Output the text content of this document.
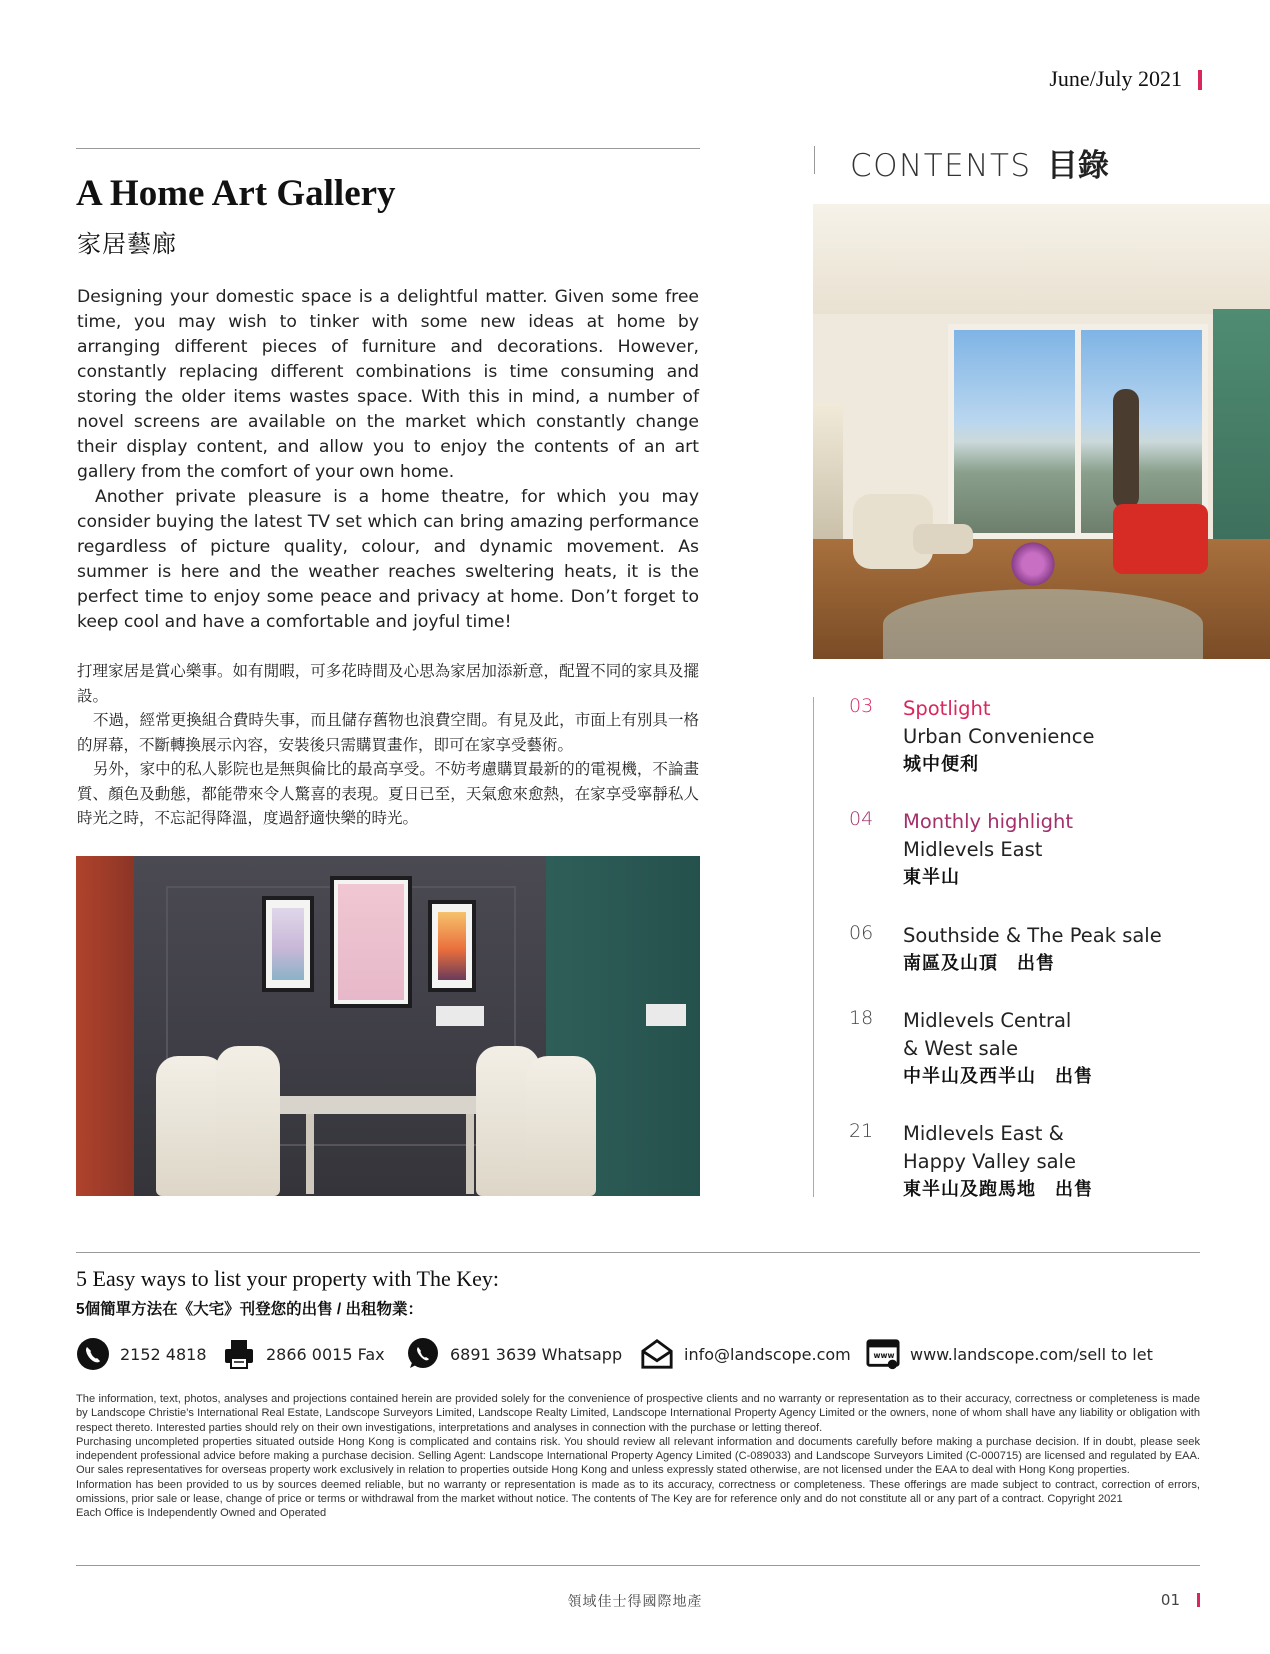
June/July 2021
A Home Art Gallery
家居藝廊

Designing your domestic space is a delightful matter. Given some free time, you may wish to tinker with some new ideas at home by arranging different pieces of furniture and decorations. However, constantly replacing different combinations is time consuming and storing the older items wastes space. With this in mind, a number of novel screens are available on the market which constantly change their display content, and allow you to enjoy the contents of an art gallery from the comfort of your own home.

Another private pleasure is a home theatre, for which you may consider buying the latest TV set which can bring amazing performance regardless of picture quality, colour, and dynamic movement. As summer is here and the weather reaches sweltering heats, it is the perfect time to enjoy some peace and privacy at home. Don’t forget to keep cool and have a comfortable and joyful time!

打理家居是賞心樂事。如有閒暇，可多花時間及心思為家居加添新意，配置不同的家具及擺設。

不過，經常更換組合費時失事，而且儲存舊物也浪費空間。有見及此，市面上有別具一格的屏幕，不斷轉換展示內容，安裝後只需購買畫作，即可在家享受藝術。

另外，家中的私人影院也是無與倫比的最高享受。不妨考慮購買最新的的電視機，不論畫質、顏色及動態，都能帶來令人驚喜的表現。夏日已至，天氣愈來愈熱，在家享受寧靜私人時光之時，不忘記得降溫，度過舒適快樂的時光。

CONTENTS 目錄
03 Spotlight
Urban Convenience
城中便利
04 Monthly highlight
Midlevels East
東半山
06 Southside & The Peak sale
南區及山頂　出售
18 Midlevels Central
& West sale
中半山及西半山　出售
21 Midlevels East &
Happy Valley sale
東半山及跑馬地　出售
5 Easy ways to list your property with The Key:
5個簡單方法在《大宅》刊登您的出售 / 出租物業：
2152 4818	2866 0015 Fax	6891 3639 Whatsapp	info@landscope.com	www www.landscope.com/sell to let

The information, text, photos, analyses and projections contained herein are provided solely for the convenience of prospective clients and no warranty or representation as to their accuracy, correctness or completeness is made by Landscope Christie’s International Real Estate, Landscope Surveyors Limited, Landscope Realty Limited, Landscope International Property Agency Limited or the owners, none of whom shall have any liability or obligation with respect thereto. Interested parties should rely on their own investigations, interpretations and analyses in connection with the purchase or letting thereof.

Purchasing uncompleted properties situated outside Hong Kong is complicated and contains risk. You should review all relevant information and documents carefully before making a purchase decision. If in doubt, please seek independent professional advice before making a purchase decision. Selling Agent: Landscope International Property Agency Limited (C-089033) and Landscope Surveyors Limited (C-000715) are licensed and regulated by EAA. Our sales representatives for overseas property work exclusively in relation to properties outside Hong Kong and unless expressly stated otherwise, are not licensed under the EAA to deal with Hong Kong properties.

Information has been provided to us by sources deemed reliable, but no warranty or representation is made as to its accuracy, correctness or completeness. These offerings are made subject to contract, correction of errors, omissions, prior sale or lease, change of price or terms or withdrawal from the market without notice. The contents of The Key are for reference only and do not constitute all or any part of a contract. Copyright 2021

Each Office is Independently Owned and Operated

領域佳士得國際地產	01
